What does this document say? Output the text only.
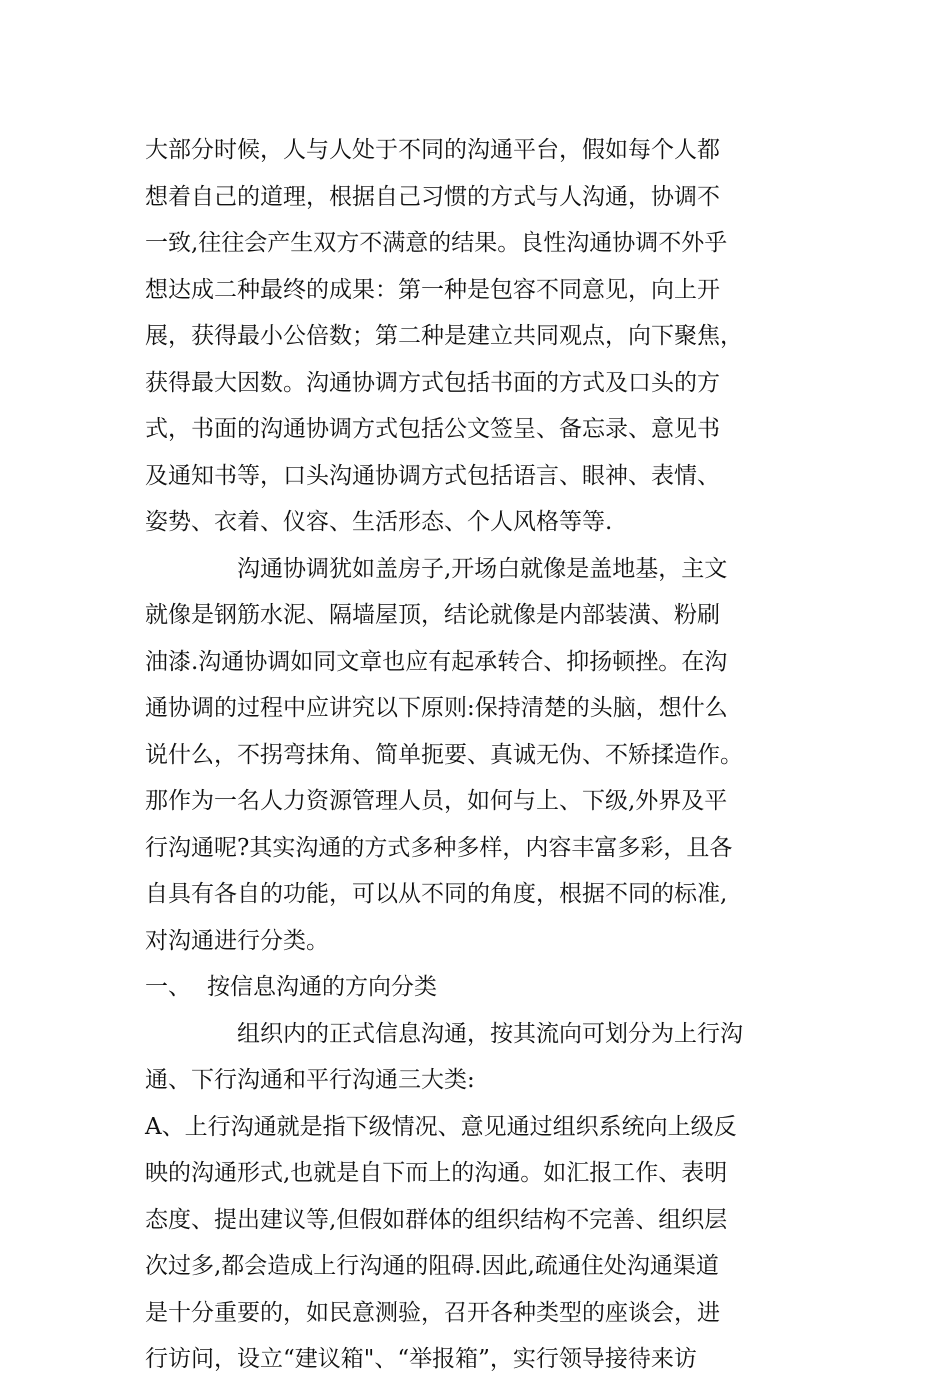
大部分时候，人与人处于不同的沟通平台，假如每个人都
想着自己的道理，根据自己习惯的方式与人沟通，协调不
一致,往往会产生双方不满意的结果。良性沟通协调不外乎
想达成二种最终的成果：第一种是包容不同意见，向上开
展，获得最小公倍数；第二种是建立共同观点，向下聚焦，
获得最大因数。沟通协调方式包括书面的方式及口头的方
式，书面的沟通协调方式包括公文签呈、备忘录、意见书
及通知书等，口头沟通协调方式包括语言、眼神、表情、
姿势、衣着、仪容、生活形态、个人风格等等.
沟通协调犹如盖房子,开场白就像是盖地基，主文
就像是钢筋水泥、隔墙屋顶，结论就像是内部装潢、粉刷
油漆.沟通协调如同文章也应有起承转合、抑扬顿挫。在沟
通协调的过程中应讲究以下原则:保持清楚的头脑，想什么
说什么，不拐弯抹角、简单扼要、真诚无伪、不矫揉造作。
那作为一名人力资源管理人员，如何与上、下级,外界及平
行沟通呢?其实沟通的方式多种多样，内容丰富多彩，且各
自具有各自的功能，可以从不同的角度，根据不同的标准,
对沟通进行分类。
一、 按信息沟通的方向分类
组织内的正式信息沟通，按其流向可划分为上行沟
通、下行沟通和平行沟通三大类:
A、上行沟通就是指下级情况、意见通过组织系统向上级反
映的沟通形式,也就是自下而上的沟通。如汇报工作、表明
态度、提出建议等,但假如群体的组织结构不完善、组织层
次过多,都会造成上行沟通的阻碍.因此,疏通住处沟通渠道
是十分重要的，如民意测验，召开各种类型的座谈会，进
行访问，设立“建议箱"、“举报箱”，实行领导接待来访
